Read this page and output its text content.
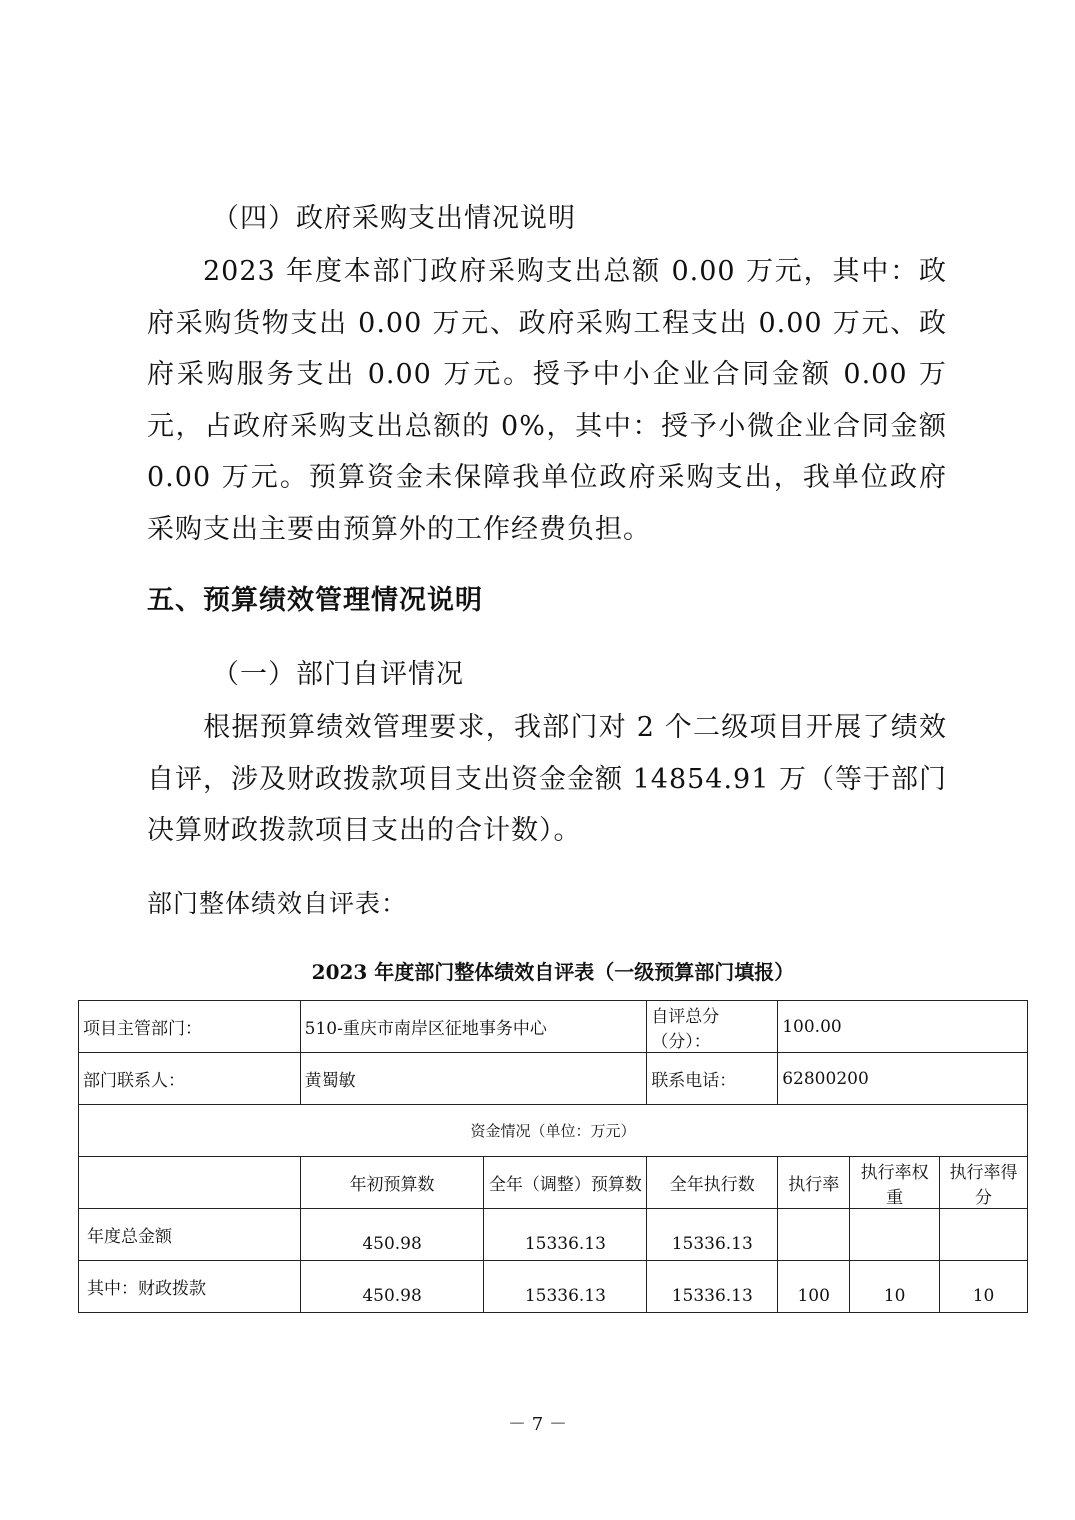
（四）政府采购支出情况说明

2023 年度本部门政府采购支出总额 0.00 万元，其中：政府采购货物支出 0.00 万元、政府采购工程支出 0.00 万元、政府采购服务支出 0.00 万元。授予中小企业合同金额 0.00 万元，占政府采购支出总额的 0%，其中：授予小微企业合同金额 0.00 万元。预算资金未保障我单位政府采购支出，我单位政府采购支出主要由预算外的工作经费负担。

五、预算绩效管理情况说明
（一）部门自评情况

根据预算绩效管理要求，我部门对 2 个二级项目开展了绩效自评，涉及财政拨款项目支出资金金额 14854.91 万（等于部门决算财政拨款项目支出的合计数）。

部门整体绩效自评表：
2023 年度部门整体绩效自评表（一级预算部门填报）
项目主管部门：	510-重庆市南岸区征地事务中心		自评总分（分）：	100.00		
部门联系人：	黄蜀敏		联系电话：	62800200		
资金情况（单位：万元）						
	年初预算数	全年（调整）预算数	全年执行数	执行率	执行率权重	执行率得分
年度总金额	450.98	15336.13	15336.13			
其中：财政拨款	450.98	15336.13	15336.13	100	10	10
－ 7 －
